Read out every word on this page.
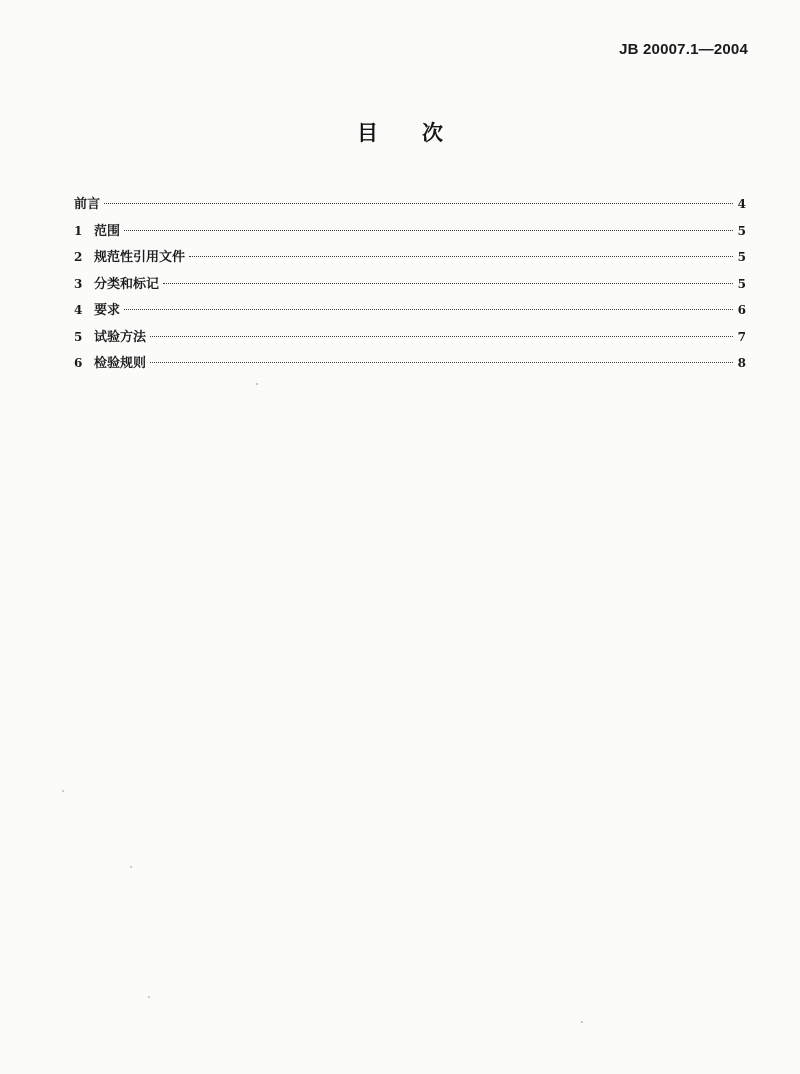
JB 20007.1—2004
目次
前言	4
1 范围	5
2 规范性引用文件	5
3 分类和标记	5
4 要求	6
5 试验方法	7
6 检验规则	8
